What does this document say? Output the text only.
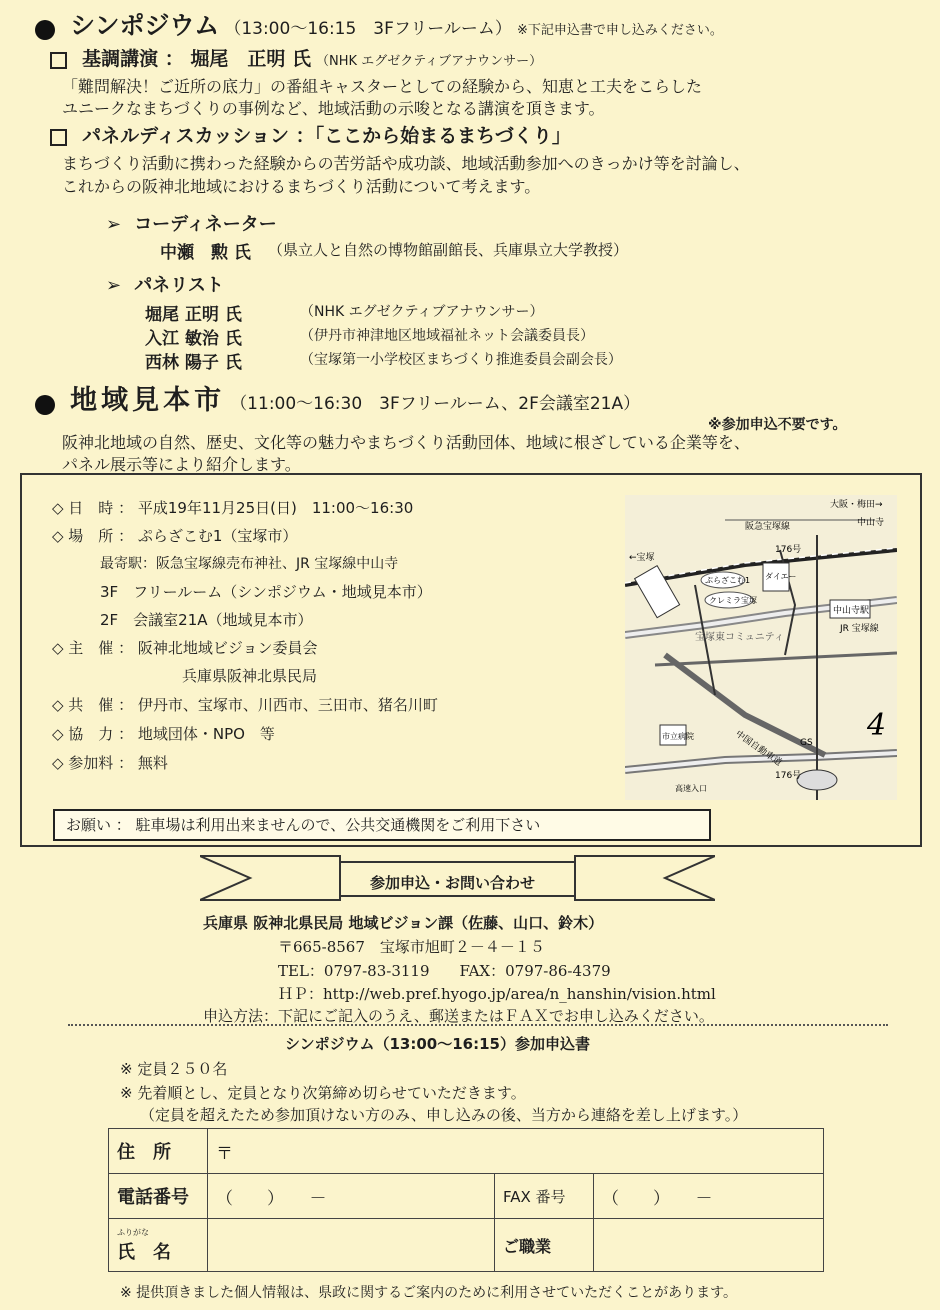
シンポジウム （13:00～16:15　3Fフリールーム） ※下記申込書で申し込みください。
基調講演 ： 堀尾　正明 氏 （NHK エグゼクティブアナウンサー）
「難問解決！ご近所の底力」の番組キャスターとしての経験から、知恵と工夫をこらした
ユニークなまちづくりの事例など、地域活動の示唆となる講演を頂きます。
パネルディスカッション ：「ここから始まるまちづくり」
まちづくり活動に携わった経験からの苦労話や成功談、地域活動参加へのきっかけ等を討論し、
これからの阪神北地域におけるまちづくり活動について考えます。
➢ コーディネーター
中瀬　勲 氏 （県立人と自然の博物館副館長、兵庫県立大学教授）
➢ パネリスト
堀尾 正明 氏	（NHK エグゼクティブアナウンサー）
入江 敏治 氏	（伊丹市神津地区地域福祉ネット会議委員長）
西林 陽子 氏	（宝塚第一小学校区まちづくり推進委員会副会長）
地域見本市 （11:00～16:30　3Fフリールーム、2F会議室21A）
※参加申込不要です。
阪神北地域の自然、歴史、文化等の魅力やまちづくり活動団体、地域に根ざしている企業等を、
パネル展示等により紹介します。
◇ 日　時 ： 平成19年11月25日(日)　11:00～16:30
◇ 場　所 ： ぷらざこむ1（宝塚市）
最寄駅：阪急宝塚線売布神社、JR 宝塚線中山寺
3F　フリールーム（シンポジウム・地域見本市）
2F　会議室21A（地域見本市）
◇ 主　催 ： 阪神北地域ビジョン委員会
兵庫県阪神北県民局
◇ 共　催 ： 伊丹市、宝塚市、川西市、三田市、猪名川町
◇ 協　力 ： 地域団体・NPO　等
◇ 参加料 ： 無料
お願い ： 駐車場は利用出来ませんので、公共交通機関をご利用下さい
大阪・梅田→
阪急宝塚線	中山寺
←宝塚
ぷらざこむ1
クレミラ宝塚
ダイエー
中山寺駅
JR 宝塚線
176号
宝塚東コミュニティ
中国自動車道 GS
市立病院
176号
高速入口
4
参加申込・お問い合わせ
兵庫県 阪神北県民局 地域ビジョン課（佐藤、山口、鈴木）
〒665-8567　宝塚市旭町２－４－１５
TEL：0797-83-3119　　FAX：0797-86-4379
ＨＰ：http://web.pref.hyogo.jp/area/n_hanshin/vision.html
申込方法：下記にご記入のうえ、郵送またはＦＡＸでお申し込みください。
シンポジウム（13:00～16:15）参加申込書
※ 定員２５０名
※ 先着順とし、定員となり次第締め切らせていただきます。
（定員を超えたため参加頂けない方のみ、申し込みの後、当方から連絡を差し上げます。）
住　所	〒		
電話番号	（　　）　　－	FAX 番号	（　　）　　－

ふりがな
氏　名		ご職業	
※ 提供頂きました個人情報は、県政に関するご案内のために利用させていただくことがあります。
